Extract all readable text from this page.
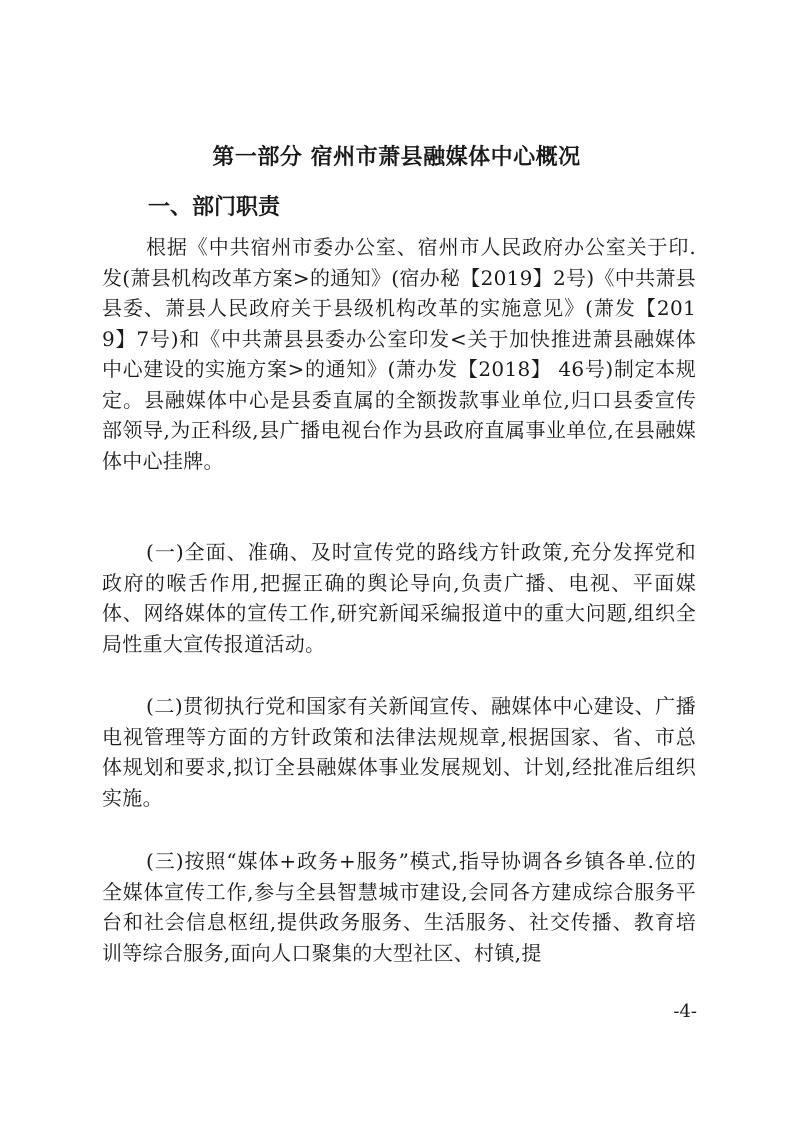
第一部分 宿州市萧县融媒体中心概况
一、部门职责

根据《中共宿州市委办公室、宿州市人民政府办公室关于印.发(萧县机构改革方案>的通知》(宿办秘【2019】2号)《中共萧县县委、萧县人民政府关于县级机构改革的实施意见》(萧发【2019】7号)和《中共萧县县委办公室印发<关于加快推进萧县融媒体中心建设的实施方案>的通知》(萧办发【2018】 46号)制定本规定。县融媒体中心是县委直属的全额拨款事业单位,归口县委宣传部领导,为正科级,县广播电视台作为县政府直属事业单位,在县融媒体中心挂牌。

(一)全面、准确、及时宣传党的路线方针政策,充分发挥党和政府的喉舌作用,把握正确的舆论导向,负责广播、电视、平面媒体、网络媒体的宣传工作,研究新闻采编报道中的重大问题,组织全局性重大宣传报道活动。

(二)贯彻执行党和国家有关新闻宣传、融媒体中心建设、广播电视管理等方面的方针政策和法律法规规章,根据国家、省、市总体规划和要求,拟订全县融媒体事业发展规划、计划,经批准后组织实施。

(三)按照“媒体+政务+服务”模式,指导协调各乡镇各单.位的全媒体宣传工作,参与全县智慧城市建设,会同各方建成综合服务平台和社会信息枢纽,提供政务服务、生活服务、社交传播、教育培训等综合服务,面向人口聚集的大型社区、村镇,提

-4-
